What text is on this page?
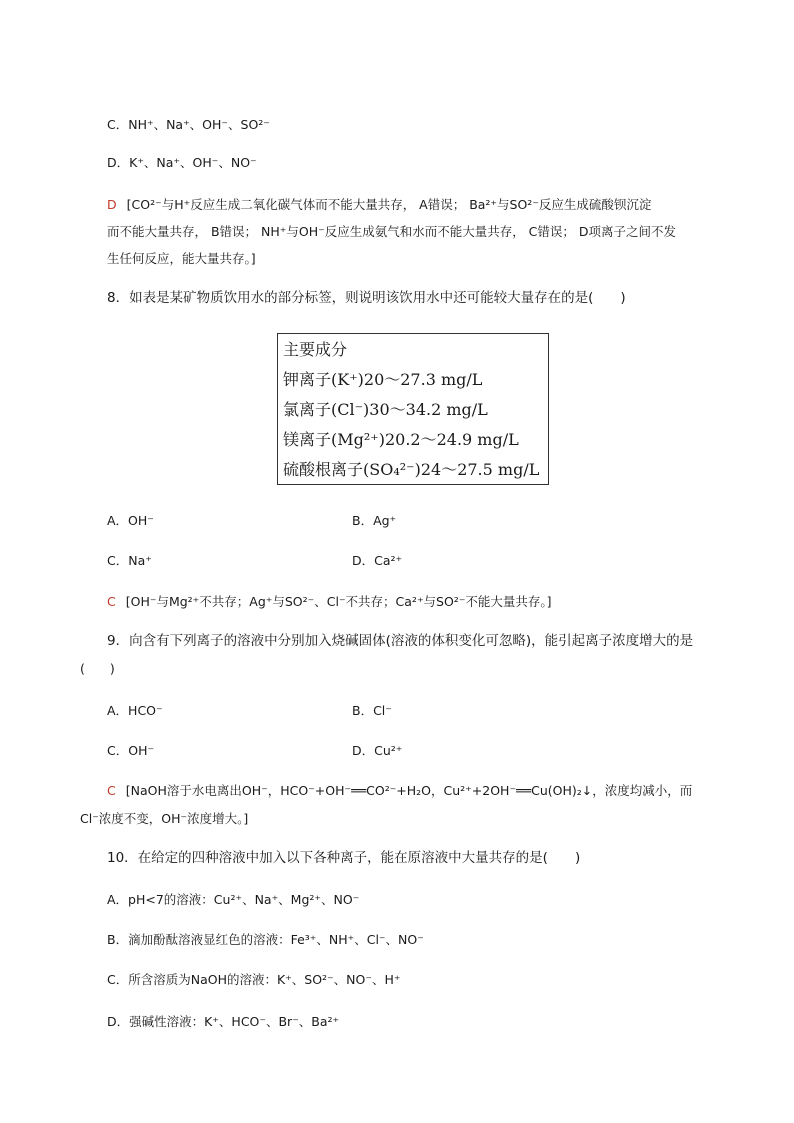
C．NH⁺、Na⁺、OH⁻、SO²⁻
D．K⁺、Na⁺、OH⁻、NO⁻
D [CO²⁻与H⁺反应生成二氧化碳气体而不能大量共存， A错误； Ba²⁺与SO²⁻反应生成硫酸钡沉淀
而不能大量共存， B错误； NH⁺与OH⁻反应生成氨气和水而不能大量共存， C错误； D项离子之间不发
生任何反应，能大量共存。]
8．如表是某矿物质饮用水的部分标签，则说明该饮用水中还可能较大量存在的是(　　)
主要成分
钾离子(K⁺)20～27.3 mg/L
氯离子(Cl⁻)30～34.2 mg/L
镁离子(Mg²⁺)20.2～24.9 mg/L
硫酸根离子(SO₄²⁻)24～27.5 mg/L
A．OH⁻	B．Ag⁺
C．Na⁺	D．Ca²⁺
C [OH⁻与Mg²⁺不共存；Ag⁺与SO²⁻、Cl⁻不共存；Ca²⁺与SO²⁻不能大量共存。]
9．向含有下列离子的溶液中分别加入烧碱固体(溶液的体积变化可忽略)，能引起离子浓度增大的是
(　　)
A．HCO⁻	B．Cl⁻
C．OH⁻	D．Cu²⁺
C [NaOH溶于水电离出OH⁻，HCO⁻+OH⁻══CO²⁻+H₂O，Cu²⁺+2OH⁻══Cu(OH)₂↓，浓度均减小，而
Cl⁻浓度不变，OH⁻浓度增大。]
10．在给定的四种溶液中加入以下各种离子，能在原溶液中大量共存的是(　　)
A．pH<7的溶液：Cu²⁺、Na⁺、Mg²⁺、NO⁻
B．滴加酚酞溶液显红色的溶液：Fe³⁺、NH⁺、Cl⁻、NO⁻
C．所含溶质为NaOH的溶液：K⁺、SO²⁻、NO⁻、H⁺
D．强碱性溶液：K⁺、HCO⁻、Br⁻、Ba²⁺
